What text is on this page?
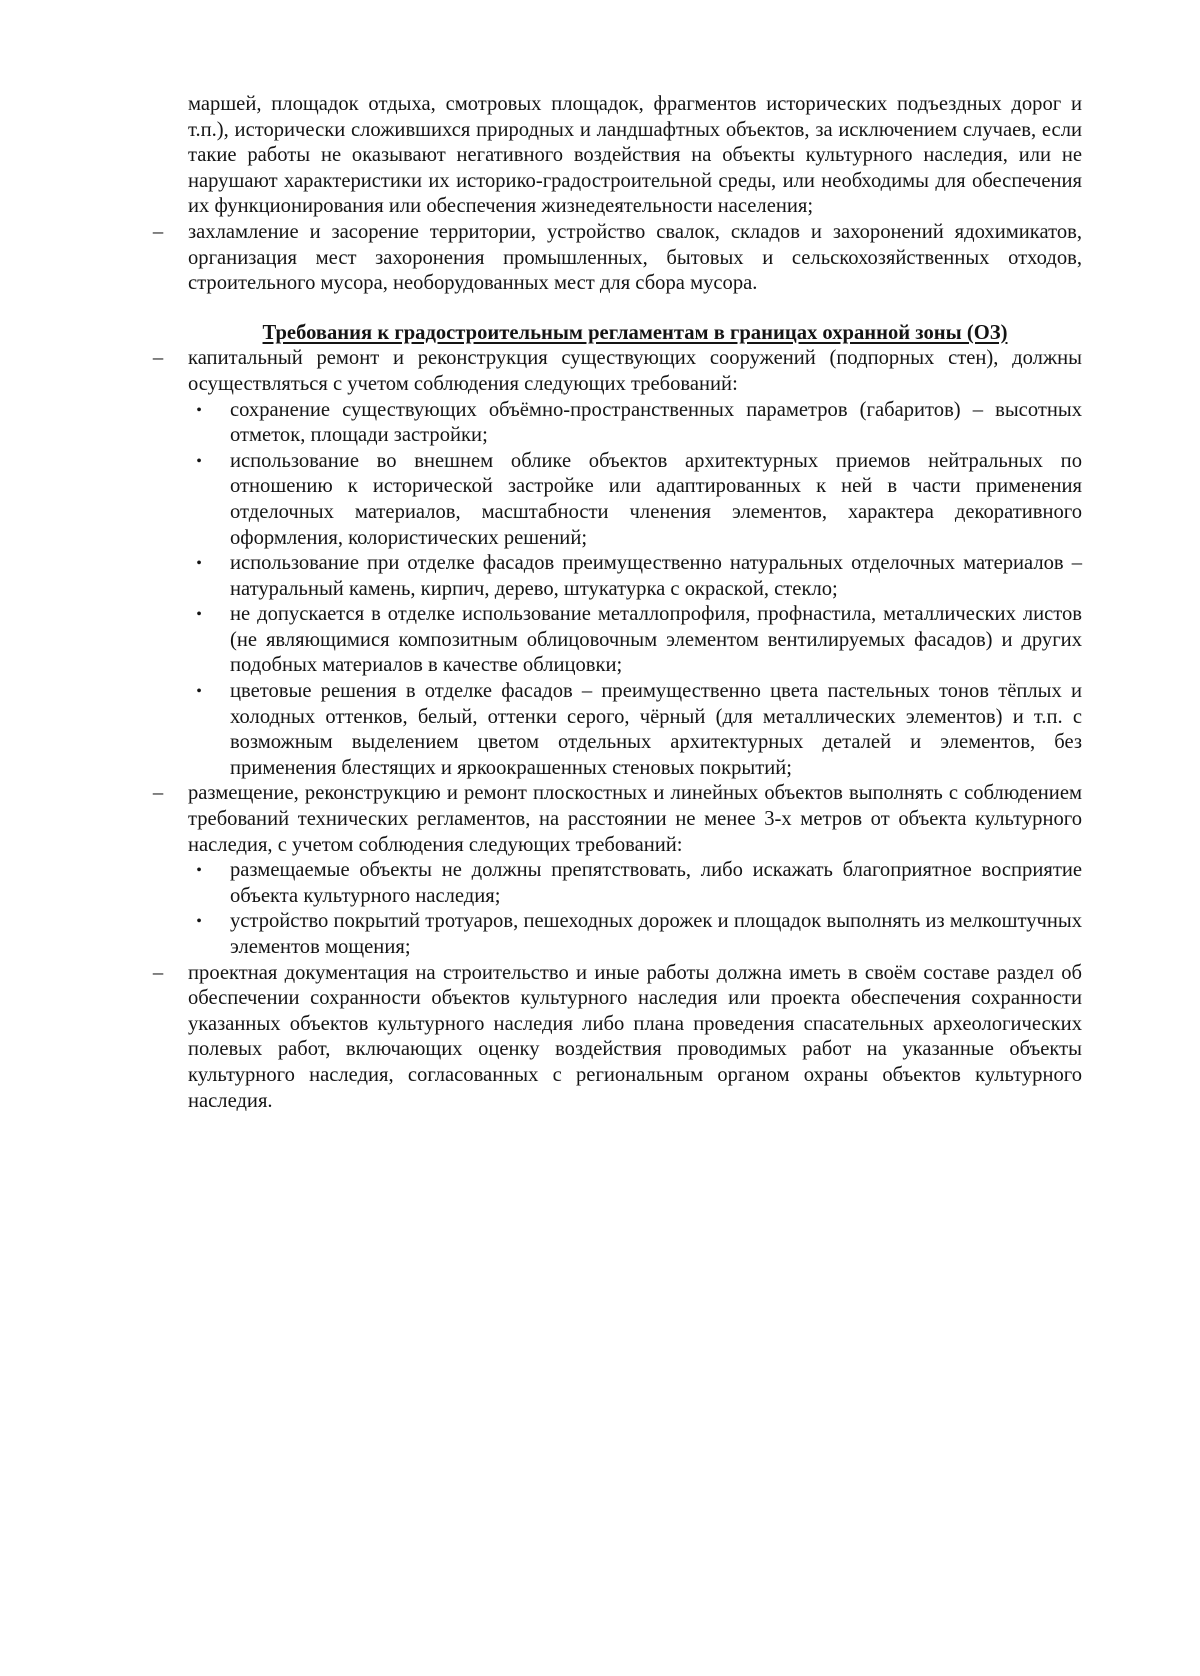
маршей, площадок отдыха, смотровых площадок, фрагментов исторических подъездных дорог и т.п.), исторически сложившихся природных и ландшафтных объектов, за исключением случаев, если такие работы не оказывают негативного воздействия на объекты культурного наследия, или не нарушают характеристики их историко-градостроительной среды, или необходимы для обеспечения их функционирования или обеспечения жизнедеятельности населения;

– захламление и засорение территории, устройство свалок, складов и захоронений ядохимикатов, организация мест захоронения промышленных, бытовых и сельскохозяйственных отходов, строительного мусора, необорудованных мест для сбора мусора.

Требования к градостроительным регламентам в границах охранной зоны (ОЗ)

– капитальный ремонт и реконструкция существующих сооружений (подпорных стен), должны осуществляться с учетом соблюдения следующих требований:
• сохранение существующих объёмно-пространственных параметров (габаритов) – высотных отметок, площади застройки;
• использование во внешнем облике объектов архитектурных приемов нейтральных по отношению к исторической застройке или адаптированных к ней в части применения отделочных материалов, масштабности членения элементов, характера декоративного оформления, колористических решений;
• использование при отделке фасадов преимущественно натуральных отделочных материалов – натуральный камень, кирпич, дерево, штукатурка с окраской, стекло;
• не допускается в отделке использование металлопрофиля, профнастила, металлических листов (не являющимися композитным облицовочным элементом вентилируемых фасадов) и других подобных материалов в качестве облицовки;
• цветовые решения в отделке фасадов – преимущественно цвета пастельных тонов тёплых и холодных оттенков, белый, оттенки серого, чёрный (для металлических элементов) и т.п. с возможным выделением цветом отдельных архитектурных деталей и элементов, без применения блестящих и яркоокрашенных стеновых покрытий;
– размещение, реконструкцию и ремонт плоскостных и линейных объектов выполнять с соблюдением требований технических регламентов, на расстоянии не менее 3-х метров от объекта культурного наследия, с учетом соблюдения следующих требований:
• размещаемые объекты не должны препятствовать, либо искажать благоприятное восприятие объекта культурного наследия;
• устройство покрытий тротуаров, пешеходных дорожек и площадок выполнять из мелкоштучных элементов мощения;
– проектная документация на строительство и иные работы должна иметь в своём составе раздел об обеспечении сохранности объектов культурного наследия или проекта обеспечения сохранности указанных объектов культурного наследия либо плана проведения спасательных археологических полевых работ, включающих оценку воздействия проводимых работ на указанные объекты культурного наследия, согласованных с региональным органом охраны объектов культурного наследия.
